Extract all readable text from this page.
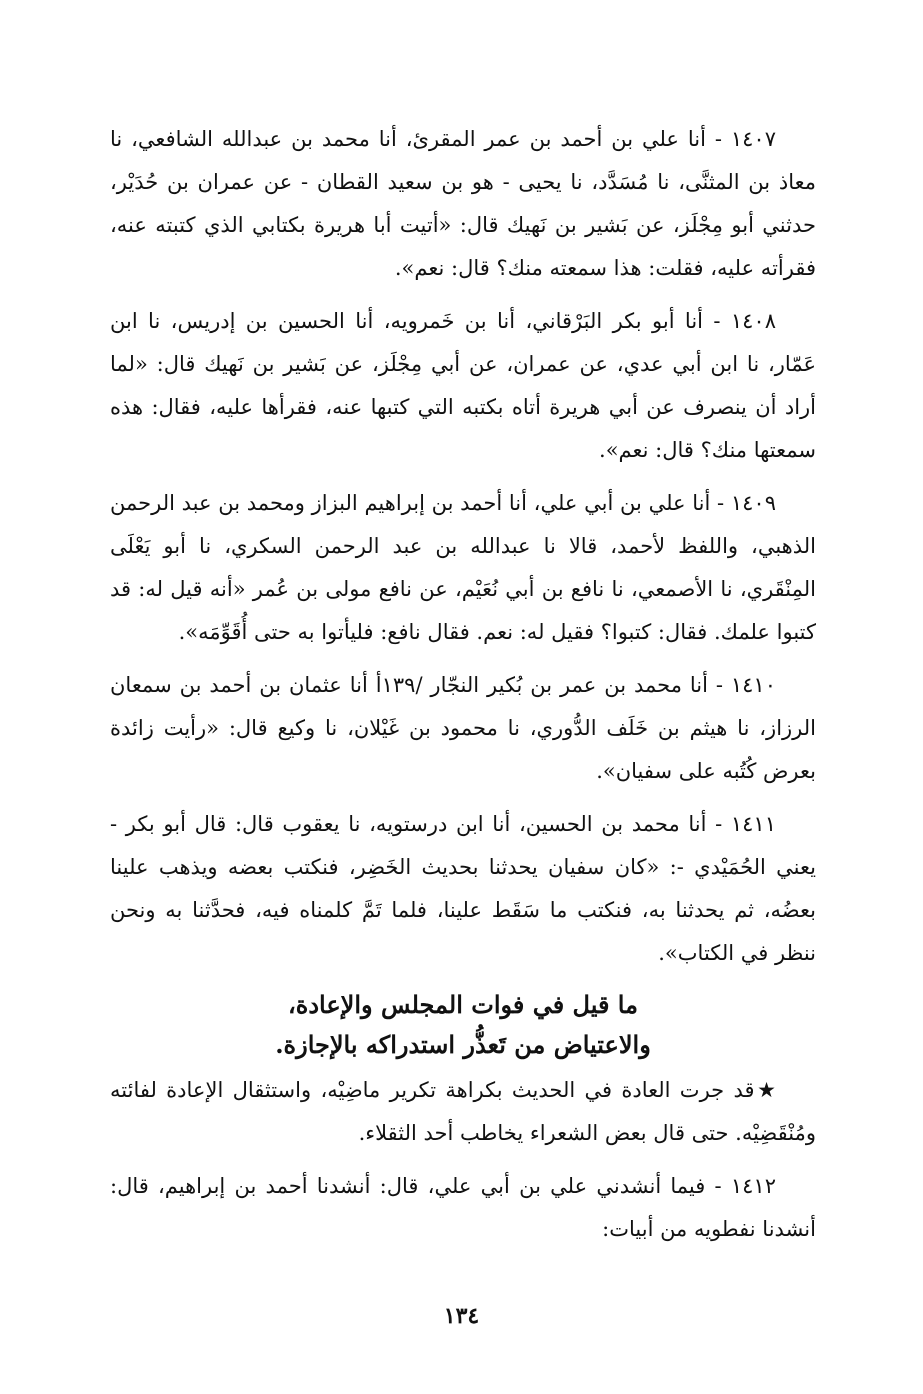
١٤٠٧ - أنا علي بن أحمد بن عمر المقرئ، أنا محمد بن عبدالله الشافعي، نا معاذ بن المثنَّى، نا مُسَدَّد، نا يحيى - هو بن سعيد القطان - عن عمران بن حُدَيْر، حدثني أبو مِجْلَز، عن بَشير بن نَهيك قال: «أتيت أبا هريرة بكتابي الذي كتبته عنه، فقرأته عليه، فقلت: هذا سمعته منك؟ قال: نعم».

١٤٠٨ - أنا أبو بكر البَرْقاني، أنا بن خَمرويه، أنا الحسين بن إدريس، نا ابن عَمّار، نا ابن أبي عدي، عن عمران، عن أبي مِجْلَز، عن بَشير بن نَهيك قال: «لما أراد أن ينصرف عن أبي هريرة أتاه بكتبه التي كتبها عنه، فقرأها عليه، فقال: هذه سمعتها منك؟ قال: نعم».

١٤٠٩ - أنا علي بن أبي علي، أنا أحمد بن إبراهيم البزاز ومحمد بن عبد الرحمن الذهبي، واللفظ لأحمد، قالا نا عبدالله بن عبد الرحمن السكري، نا أبو يَعْلَى المِنْقَري، نا الأصمعي، نا نافع بن أبي نُعَيْم، عن نافع مولى بن عُمر «أنه قيل له: قد كتبوا علمك. فقال: كتبوا؟ فقيل له: نعم. فقال نافع: فليأتوا به حتى أُقَوِّمَه».

١٤١٠ - أنا محمد بن عمر بن بُكير النجّار /١٣٩أ أنا عثمان بن أحمد بن سمعان الرزاز، نا هيثم بن خَلَف الدُّوري، نا محمود بن غَيْلان، نا وكيع قال: «رأيت زائدة بعرض كُتُبه على سفيان».

١٤١١ - أنا محمد بن الحسين، أنا ابن درستويه، نا يعقوب قال: قال أبو بكر - يعني الحُمَيْدي -: «كان سفيان يحدثنا بحديث الخَضِر، فنكتب بعضه ويذهب علينا بعضُه، ثم يحدثنا به، فنكتب ما سَقَط علينا، فلما تَمَّ كلمناه فيه، فحدَّثنا به ونحن ننظر في الكتاب».

ما قيل في فوات المجلس والإعادة،
والاعتياض من تَعذُّر استدراكه بالإجازة.

★قد جرت العادة في الحديث بكراهة تكرير ماضِيْه، واستثقال الإعادة لفائته ومُنْقَضِيْه. حتى قال بعض الشعراء يخاطب أحد الثقلاء.

١٤١٢ - فيما أنشدني علي بن أبي علي، قال: أنشدنا أحمد بن إبراهيم، قال: أنشدنا نفطويه من أبيات:

١٣٤
